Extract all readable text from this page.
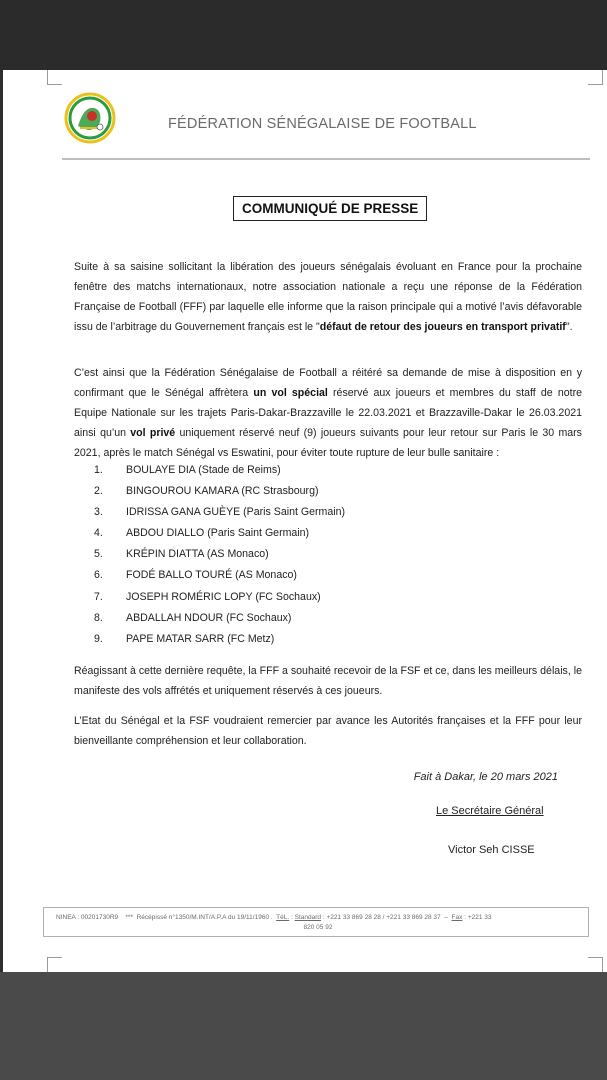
FÉDÉRATION SÉNÉGALAISE DE FOOTBALL
COMMUNIQUÉ DE PRESSE
Suite à sa saisine sollicitant la libération des joueurs sénégalais évoluant en France pour la prochaine fenêtre des matchs internationaux, notre association nationale a reçu une réponse de la Fédération Française de Football (FFF) par laquelle elle informe que la raison principale qui a motivé l’avis défavorable issu de l’arbitrage du Gouvernement français est le "défaut de retour des joueurs en transport privatif".
C’est ainsi que la Fédération Sénégalaise de Football a réitéré sa demande de mise à disposition en y confirmant que le Sénégal affrètera un vol spécial réservé aux joueurs et membres du staff de notre Equipe Nationale sur les trajets Paris-Dakar-Brazzaville le 22.03.2021 et Brazzaville-Dakar le 26.03.2021 ainsi qu’un vol privé uniquement réservé neuf (9) joueurs suivants pour leur retour sur Paris le 30 mars 2021, après le match Sénégal vs Eswatini, pour éviter toute rupture de leur bulle sanitaire :
1. BOULAYE DIA (Stade de Reims)
2. BINGOUROU KAMARA (RC Strasbourg)
3. IDRISSA GANA GUÈYE (Paris Saint Germain)
4. ABDOU DIALLO (Paris Saint Germain)
5. KRÉPIN DIATTA (AS Monaco)
6. FODÉ BALLO TOURÉ (AS Monaco)
7. JOSEPH ROMÉRIC LOPY (FC Sochaux)
8. ABDALLAH NDOUR (FC Sochaux)
9. PAPE MATAR SARR (FC Metz)
Réagissant à cette dernière requête, la FFF a souhaité recevoir de la FSF et ce, dans les meilleurs délais, le manifeste des vols affrétés et uniquement réservés à ces joueurs.
L’Etat du Sénégal et la FSF voudraient remercier par avance les Autorités françaises et la FFF pour leur bienveillante compréhension et leur collaboration.
Fait à Dakar, le 20 mars 2021
Le Secrétaire Général
Victor Seh CISSE
NINEA : 00201730R9 *** Récépissé n°1350/M.INT/A.P.A du 19/11/1960 . TéL. : Standard : +221 33 869 28 28 / +221 33 869 28 37 – Fax : +221 33
820 05 92
